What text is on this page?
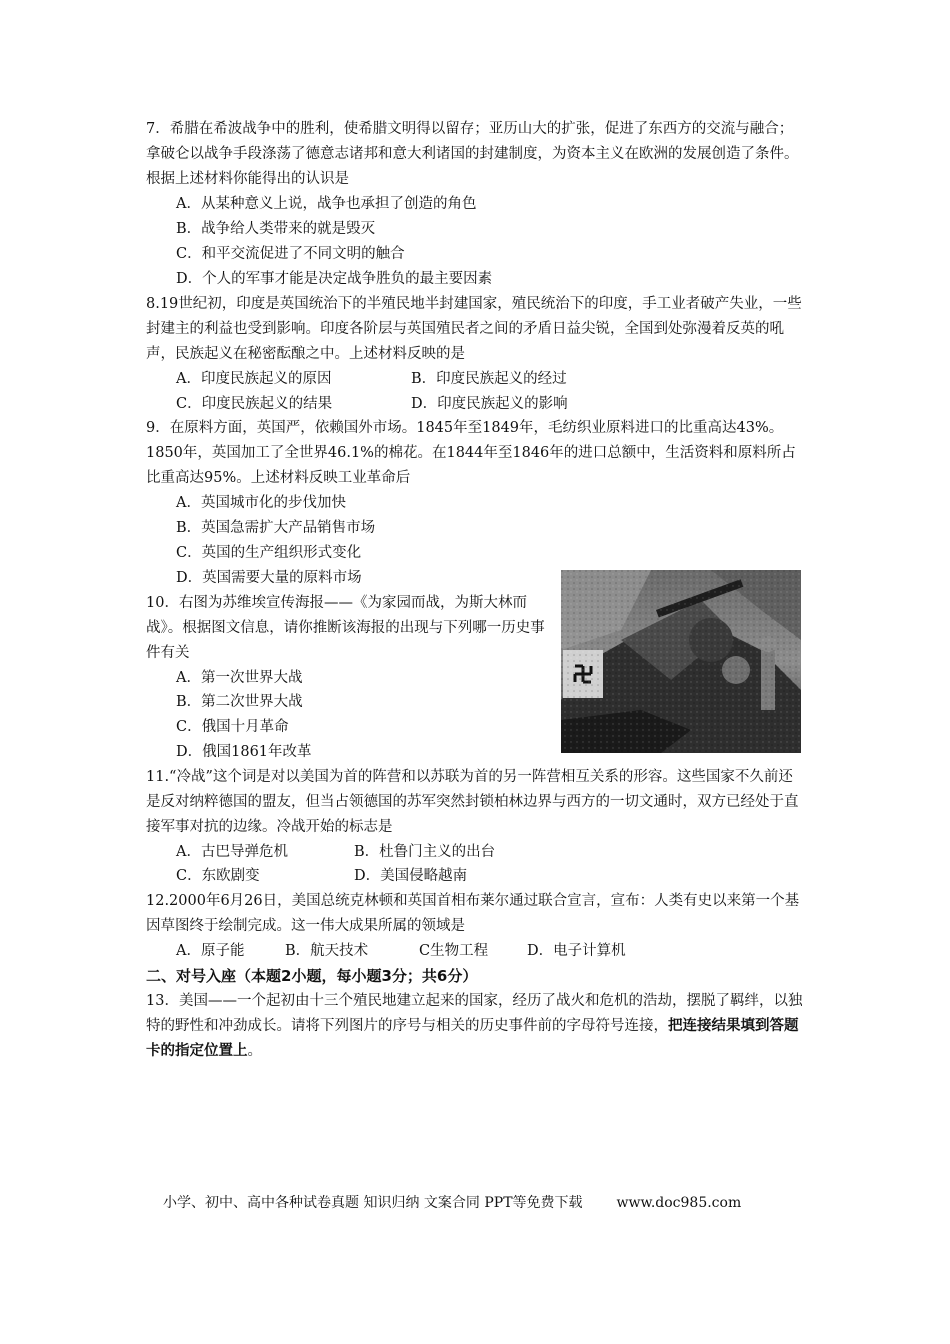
7．希腊在希波战争中的胜利，使希腊文明得以留存；亚历山大的扩张，促进了东西方的交流与融合；拿破仑以战争手段涤荡了德意志诸邦和意大利诸国的封建制度，为资本主义在欧洲的发展创造了条件。根据上述材料你能得出的认识是

A．从某种意义上说，战争也承担了创造的角色
B．战争给人类带来的就是毁灭
C．和平交流促进了不同文明的触合
D．个人的军事才能是决定战争胜负的最主要因素

8.19世纪初，印度是英国统治下的半殖民地半封建国家，殖民统治下的印度，手工业者破产失业，一些封建主的利益也受到影响。印度各阶层与英国殖民者之间的矛盾日益尖锐，全国到处弥漫着反英的吼声，民族起义在秘密酝酿之中。上述材料反映的是

A．印度民族起义的原因	B．印度民族起义的经过
C．印度民族起义的结果	D．印度民族起义的影响

9．在原料方面，英国严，依赖国外市场。1845年至1849年，毛纺织业原料进口的比重高达43%。1850年，英国加工了全世界46.1%的棉花。在1844年至1846年的进口总额中，生活资料和原料所占比重高达95%。上述材料反映工业革命后

A．英国城市化的步伐加快
B．英国急需扩大产品销售市场
C．英国的生产组织形式变化
D．英国需要大量的原料市场

10．右图为苏维埃宣传海报——《为家园而战，为斯大林而战》。根据图文信息，请你推断该海报的出现与下列哪一历史事件有关

A．第一次世界大战
B．第二次世界大战
C．俄国十月革命
D．俄国1861年改革

11.“冷战”这个词是对以美国为首的阵营和以苏联为首的另一阵营相互关系的形容。这些国家不久前还是反对纳粹德国的盟友，但当占领德国的苏军突然封锁柏林边界与西方的一切文通时，双方已经处于直接军事对抗的边缘。冷战开始的标志是

A．古巴导弹危机	B．杜鲁门主义的出台
C．东欧剧变	D．美国侵略越南

12.2000年6月26日，美国总统克林顿和英国首相布莱尔通过联合宣言，宣布：人类有史以来第一个基因草图终于绘制完成。这一伟大成果所属的领域是

A．原子能	B．航天技术	C生物工程	D．电子计算机
二、对号入座（本题2小题，每小题3分；共6分）

13．美国——一个起初由十三个殖民地建立起来的国家，经历了战火和危机的浩劫，摆脱了羁绊，以独特的野性和冲劲成长。请将下列图片的序号与相关的历史事件前的字母符号连接，把连接结果填到答题卡的指定位置上。

小学、初中、高中各种试卷真题 知识归纳 文案合同 PPT等免费下载 www.doc985.com
